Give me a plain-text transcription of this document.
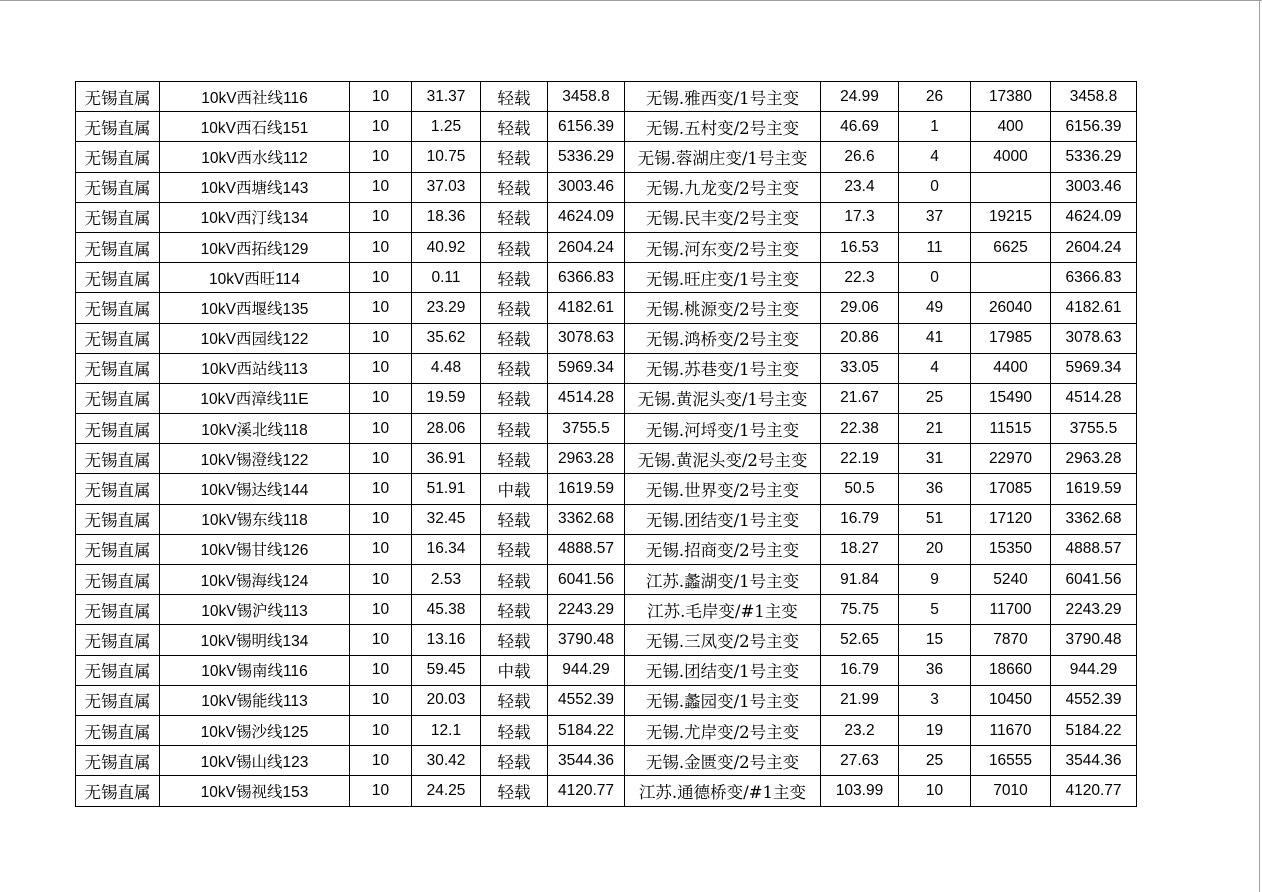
无锡直属	10kV西社线116	10	31.37	轻载	3458.8	无锡.雅西变/1号主变	24.99	26	17380	3458.8
无锡直属	10kV西石线151	10	1.25	轻载	6156.39	无锡.五村变/2号主变	46.69	1	400	6156.39
无锡直属	10kV西水线112	10	10.75	轻载	5336.29	无锡.蓉湖庄变/1号主变	26.6	4	4000	5336.29
无锡直属	10kV西塘线143	10	37.03	轻载	3003.46	无锡.九龙变/2号主变	23.4	0		3003.46
无锡直属	10kV西汀线134	10	18.36	轻载	4624.09	无锡.民丰变/2号主变	17.3	37	19215	4624.09
无锡直属	10kV西拓线129	10	40.92	轻载	2604.24	无锡.河东变/2号主变	16.53	11	6625	2604.24
无锡直属	10kV西旺114	10	0.11	轻载	6366.83	无锡.旺庄变/1号主变	22.3	0		6366.83
无锡直属	10kV西堰线135	10	23.29	轻载	4182.61	无锡.桃源变/2号主变	29.06	49	26040	4182.61
无锡直属	10kV西园线122	10	35.62	轻载	3078.63	无锡.鸿桥变/2号主变	20.86	41	17985	3078.63
无锡直属	10kV西站线113	10	4.48	轻载	5969.34	无锡.苏巷变/1号主变	33.05	4	4400	5969.34
无锡直属	10kV西漳线11E	10	19.59	轻载	4514.28	无锡.黄泥头变/1号主变	21.67	25	15490	4514.28
无锡直属	10kV溪北线118	10	28.06	轻载	3755.5	无锡.河埒变/1号主变	22.38	21	11515	3755.5
无锡直属	10kV锡澄线122	10	36.91	轻载	2963.28	无锡.黄泥头变/2号主变	22.19	31	22970	2963.28
无锡直属	10kV锡达线144	10	51.91	中载	1619.59	无锡.世界变/2号主变	50.5	36	17085	1619.59
无锡直属	10kV锡东线118	10	32.45	轻载	3362.68	无锡.团结变/1号主变	16.79	51	17120	3362.68
无锡直属	10kV锡甘线126	10	16.34	轻载	4888.57	无锡.招商变/2号主变	18.27	20	15350	4888.57
无锡直属	10kV锡海线124	10	2.53	轻载	6041.56	江苏.蠡湖变/1号主变	91.84	9	5240	6041.56
无锡直属	10kV锡沪线113	10	45.38	轻载	2243.29	江苏.毛岸变/#1主变	75.75	5	11700	2243.29
无锡直属	10kV锡明线134	10	13.16	轻载	3790.48	无锡.三凤变/2号主变	52.65	15	7870	3790.48
无锡直属	10kV锡南线116	10	59.45	中载	944.29	无锡.团结变/1号主变	16.79	36	18660	944.29
无锡直属	10kV锡能线113	10	20.03	轻载	4552.39	无锡.蠡园变/1号主变	21.99	3	10450	4552.39
无锡直属	10kV锡沙线125	10	12.1	轻载	5184.22	无锡.尤岸变/2号主变	23.2	19	11670	5184.22
无锡直属	10kV锡山线123	10	30.42	轻载	3544.36	无锡.金匮变/2号主变	27.63	25	16555	3544.36
无锡直属	10kV锡视线153	10	24.25	轻载	4120.77	江苏.通德桥变/#1主变	103.99	10	7010	4120.77
